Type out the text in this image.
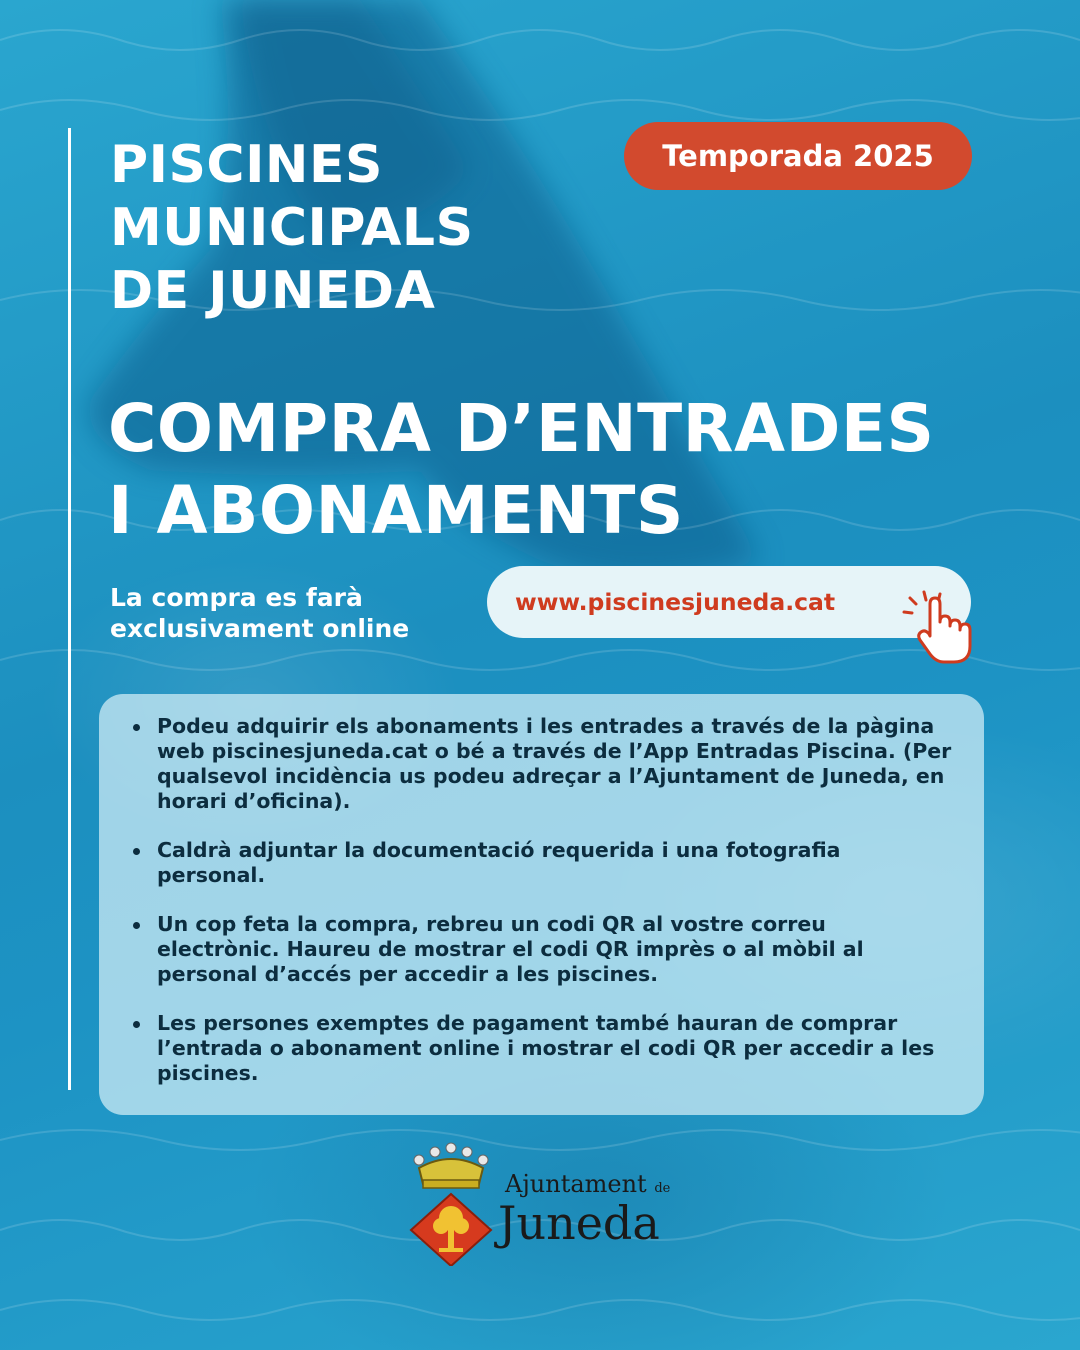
PISCINES
MUNICIPALS
DE JUNEDA
Temporada 2025
COMPRA D’ENTRADES
I ABONAMENTS
La compra es farà
exclusivament online
www.piscinesjuneda.cat
Podeu adquirir els abonaments i les entrades a través de la pàgina web piscinesjuneda.cat o bé a través de l’App Entradas Piscina. (Per qualsevol incidència us podeu adreçar a l’Ajuntament de Juneda, en horari d’oficina).
Caldrà adjuntar la documentació requerida i una fotografia personal.
Un cop feta la compra, rebreu un codi QR al vostre correu electrònic. Haureu de mostrar el codi QR imprès o al mòbil al personal d’accés per accedir a les piscines.
Les persones exemptes de pagament també hauran de comprar l’entrada o abonament online i mostrar el codi QR per accedir a les piscines.
Ajuntament de
Juneda
